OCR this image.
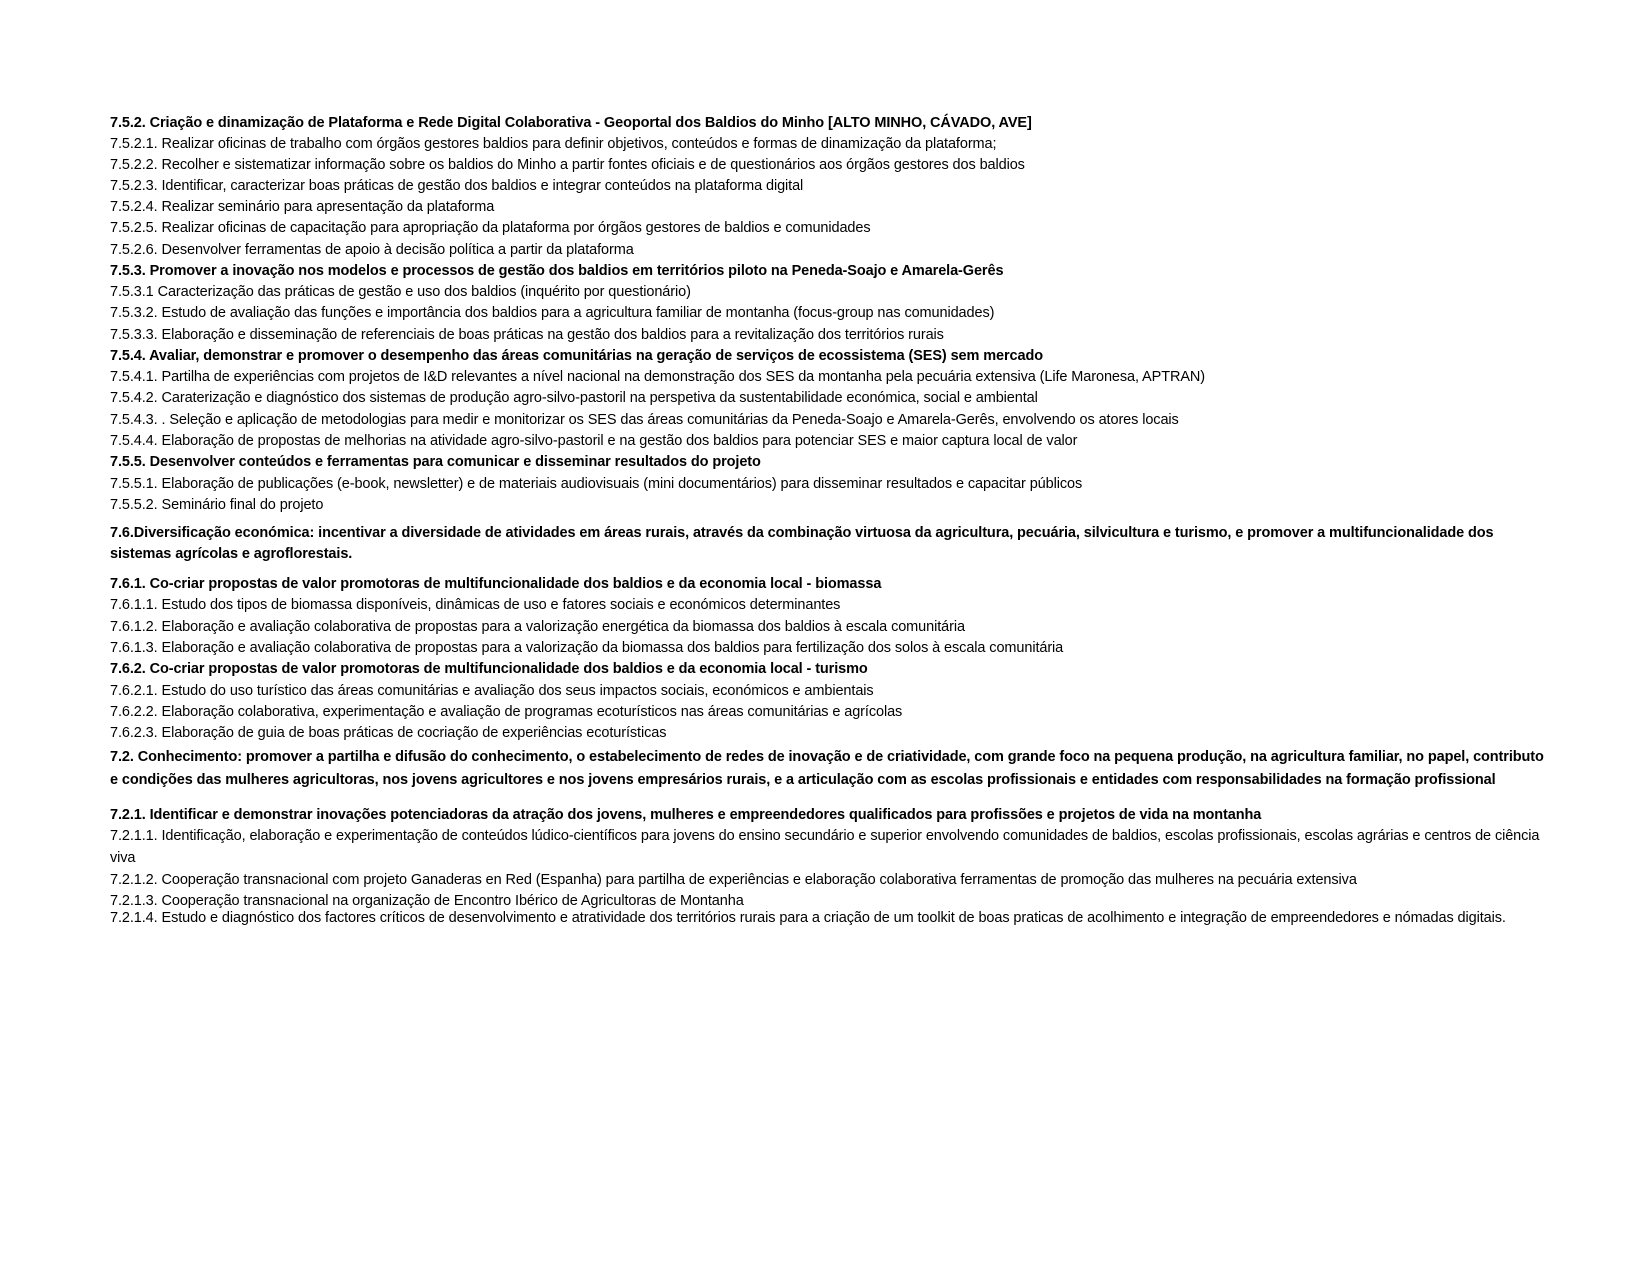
7.5.2. Criação e dinamização de Plataforma e Rede Digital Colaborativa - Geoportal dos Baldios do Minho [ALTO MINHO, CÁVADO, AVE]

7.5.2.1. Realizar oficinas de trabalho com órgãos gestores baldios para definir objetivos, conteúdos e formas de dinamização da plataforma;

7.5.2.2. Recolher e sistematizar informação sobre os baldios do Minho a partir fontes oficiais e de questionários aos órgãos gestores dos baldios

7.5.2.3. Identificar, caracterizar boas práticas de gestão dos baldios e integrar conteúdos na plataforma digital

7.5.2.4. Realizar seminário para apresentação da plataforma

7.5.2.5. Realizar oficinas de capacitação para apropriação da plataforma por órgãos gestores de baldios e comunidades

7.5.2.6. Desenvolver ferramentas de apoio à decisão política a partir da plataforma

7.5.3. Promover a inovação nos modelos e processos de gestão dos baldios em territórios piloto na Peneda-Soajo e Amarela-Gerês

7.5.3.1 Caracterização das práticas de gestão e uso dos baldios (inquérito por questionário)

7.5.3.2. Estudo de avaliação das funções e importância dos baldios para a agricultura familiar de montanha (focus-group nas comunidades)

7.5.3.3. Elaboração e disseminação de referenciais de boas práticas na gestão dos baldios para a revitalização dos territórios rurais

7.5.4. Avaliar, demonstrar e promover o desempenho das áreas comunitárias na geração de serviços de ecossistema (SES) sem mercado

7.5.4.1. Partilha de experiências com projetos de I&D relevantes a nível nacional na demonstração dos SES da montanha pela pecuária extensiva (Life Maronesa, APTRAN)

7.5.4.2. Caraterização e diagnóstico dos sistemas de produção agro-silvo-pastoril na perspetiva da sustentabilidade económica, social e ambiental

7.5.4.3. . Seleção e aplicação de metodologias para medir e monitorizar os SES das áreas comunitárias da Peneda-Soajo e Amarela-Gerês, envolvendo os atores locais

7.5.4.4. Elaboração de propostas de melhorias na atividade agro-silvo-pastoril e na gestão dos baldios para potenciar SES e maior captura local de valor

7.5.5. Desenvolver conteúdos e ferramentas para comunicar e disseminar resultados do projeto

7.5.5.1. Elaboração de publicações (e-book, newsletter) e de materiais audiovisuais (mini documentários) para disseminar resultados e capacitar públicos

7.5.5.2. Seminário final do projeto

7.6.Diversificação económica: incentivar a diversidade de atividades em áreas rurais, através da combinação virtuosa da agricultura, pecuária, silvicultura e turismo, e promover a multifuncionalidade dos sistemas agrícolas e agroflorestais.

7.6.1. Co-criar propostas de valor promotoras de multifuncionalidade dos baldios e da economia local - biomassa

7.6.1.1. Estudo dos tipos de biomassa disponíveis, dinâmicas de uso e fatores sociais e económicos determinantes

7.6.1.2. Elaboração e avaliação colaborativa de propostas para a valorização energética da biomassa dos baldios à escala comunitária

7.6.1.3. Elaboração e avaliação colaborativa de propostas para a valorização da biomassa dos baldios para fertilização dos solos à escala comunitária

7.6.2. Co-criar propostas de valor promotoras de multifuncionalidade dos baldios e da economia local - turismo

7.6.2.1. Estudo do uso turístico das áreas comunitárias e avaliação dos seus impactos sociais, económicos e ambientais

7.6.2.2. Elaboração colaborativa, experimentação e avaliação de programas ecoturísticos nas áreas comunitárias e agrícolas

7.6.2.3. Elaboração de guia de boas práticas de cocriação de experiências ecoturísticas

7.2. Conhecimento: promover a partilha e difusão do conhecimento, o estabelecimento de redes de inovação e de criatividade, com grande foco na pequena produção, na agricultura familiar, no papel, contributo e condições das mulheres agricultoras, nos jovens agricultores e nos jovens empresários rurais, e a articulação com as escolas profissionais e entidades com responsabilidades na formação profissional

7.2.1. Identificar e demonstrar inovações potenciadoras da atração dos jovens, mulheres e empreendedores qualificados para profissões e projetos de vida na montanha

7.2.1.1. Identificação, elaboração e experimentação de conteúdos lúdico-científicos para jovens do ensino secundário e superior envolvendo comunidades de baldios, escolas profissionais, escolas agrárias e centros de ciência viva

7.2.1.2. Cooperação transnacional com projeto Ganaderas en Red (Espanha) para partilha de experiências e elaboração colaborativa ferramentas de promoção das mulheres na pecuária extensiva

7.2.1.3. Cooperação transnacional na organização de Encontro Ibérico de Agricultoras de Montanha

7.2.1.4. Estudo e diagnóstico dos factores críticos de desenvolvimento e atratividade dos territórios rurais para a criação de um toolkit de boas praticas de acolhimento e integração de empreendedores e nómadas digitais.
